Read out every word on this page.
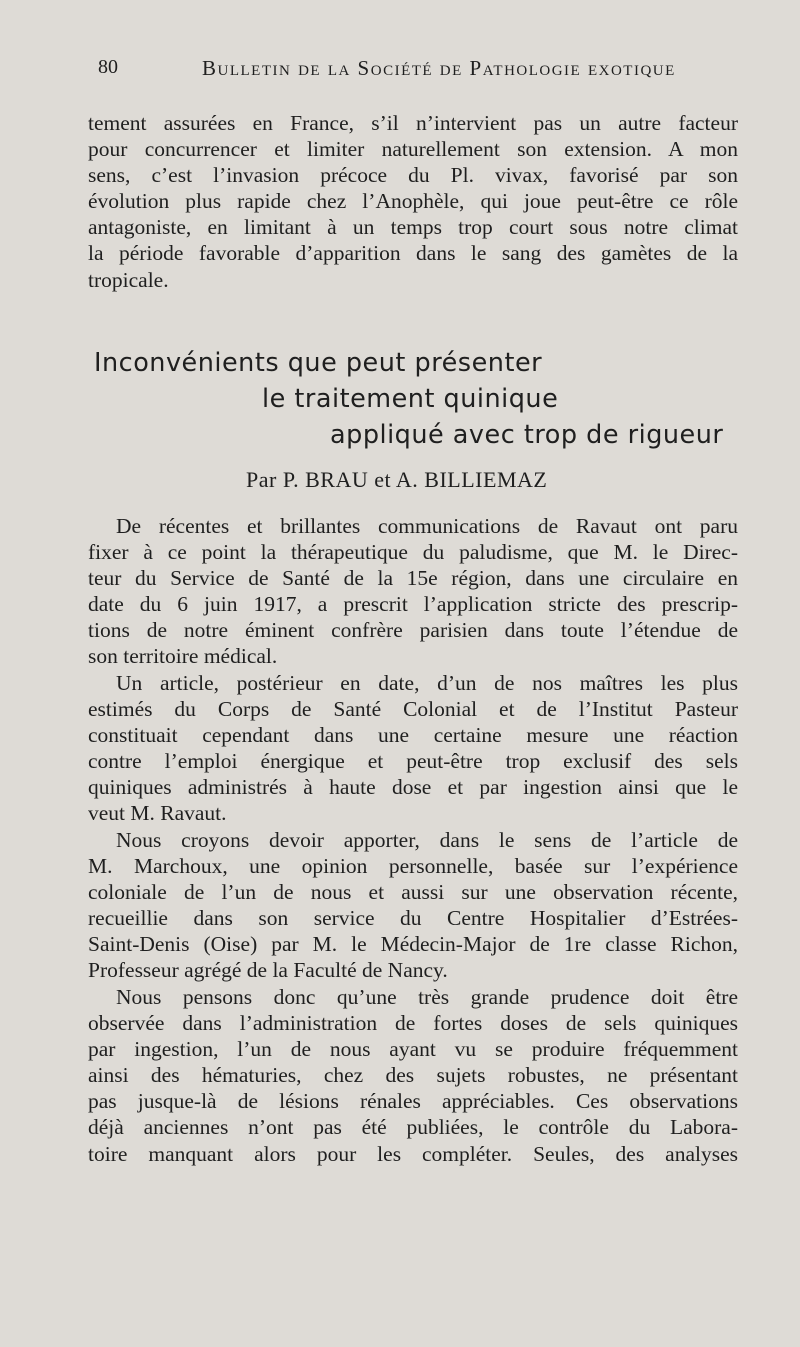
80	Bulletin de la Société de Pathologie exotique

tement assurées en France, s’il n’intervient pas un autre facteur
pour concurrencer et limiter naturellement son extension. A mon
sens, c’est l’invasion précoce du Pl. vivax, favorisé par son
évolution plus rapide chez l’Anophèle, qui joue peut-être ce rôle
antagoniste, en limitant à un temps trop court sous notre climat
la période favorable d’apparition dans le sang des gamètes de la
tropicale.

Inconvénients que peut présenter
le traitement quinique
appliqué avec trop de rigueur
Par P. BRAU et A. BILLIEMAZ

De récentes et brillantes communications de Ravaut ont paru
fixer à ce point la thérapeutique du paludisme, que M. le Direc-
teur du Service de Santé de la 15e région, dans une circulaire en
date du 6 juin 1917, a prescrit l’application stricte des prescrip-
tions de notre éminent confrère parisien dans toute l’étendue de
son territoire médical.

Un article, postérieur en date, d’un de nos maîtres les plus
estimés du Corps de Santé Colonial et de l’Institut Pasteur
constituait cependant dans une certaine mesure une réaction
contre l’emploi énergique et peut-être trop exclusif des sels
quiniques administrés à haute dose et par ingestion ainsi que le
veut M. Ravaut.

Nous croyons devoir apporter, dans le sens de l’article de
M. Marchoux, une opinion personnelle, basée sur l’expérience
coloniale de l’un de nous et aussi sur une observation récente,
recueillie dans son service du Centre Hospitalier d’Estrées-
Saint-Denis (Oise) par M. le Médecin-Major de 1re classe Richon,
Professeur agrégé de la Faculté de Nancy.

Nous pensons donc qu’une très grande prudence doit être
observée dans l’administration de fortes doses de sels quiniques
par ingestion, l’un de nous ayant vu se produire fréquemment
ainsi des hématuries, chez des sujets robustes, ne présentant
pas jusque-là de lésions rénales appréciables. Ces observations
déjà anciennes n’ont pas été publiées, le contrôle du Labora-
toire manquant alors pour les compléter. Seules, des analyses
